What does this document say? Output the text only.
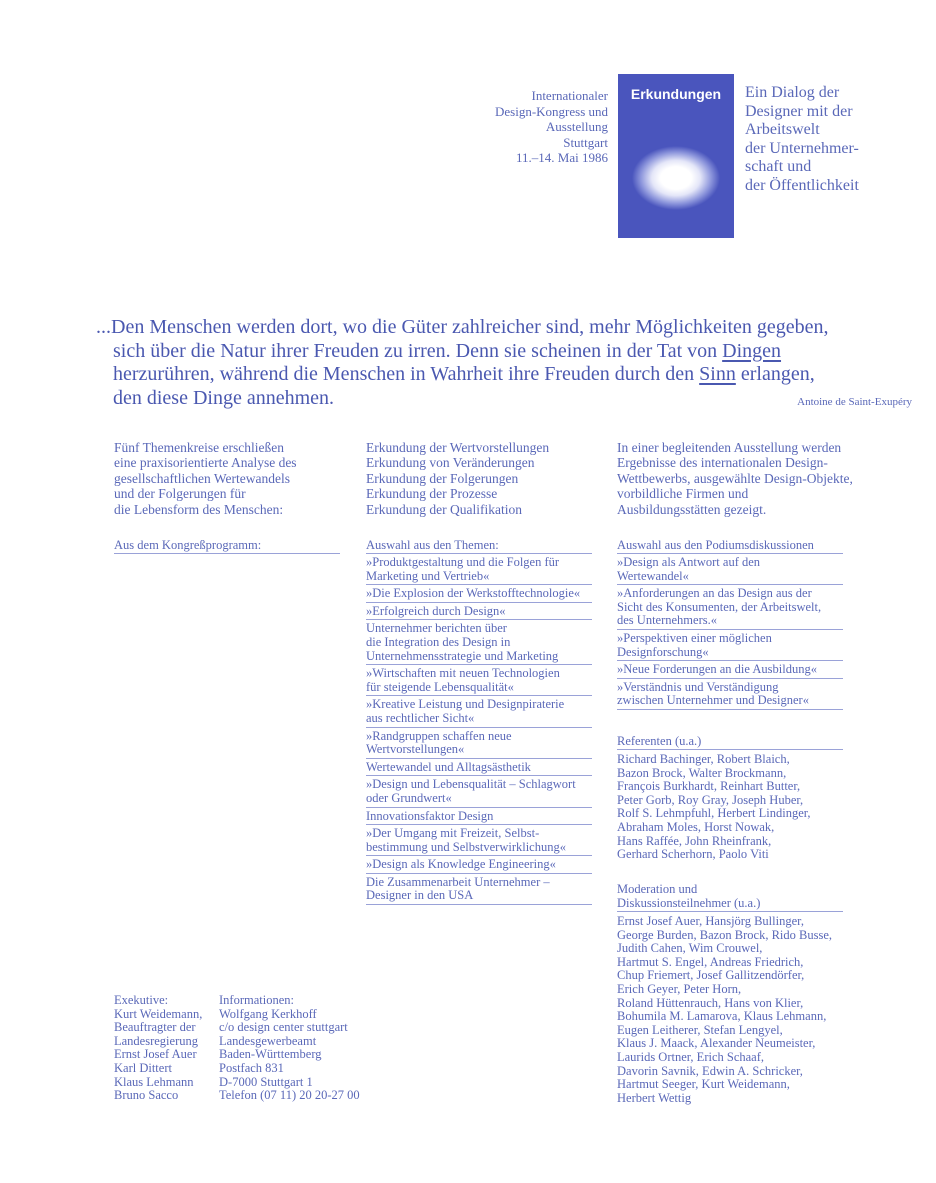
Internationaler
Design-Kongress und
Ausstellung
Stuttgart
11.–14. Mai 1986
Erkundungen	Ein Dialog der
Designer mit der
Arbeitswelt
der Unternehmer-
schaft und
der Öffentlichkeit
...Den Menschen werden dort, wo die Güter zahlreicher sind, mehr Möglichkeiten gegeben,
sich über die Natur ihrer Freuden zu irren. Denn sie scheinen in der Tat von Dingen
herzurühren, während die Menschen in Wahrheit ihre Freuden durch den Sinn erlangen,
den diese Dinge annehmen.	Antoine de Saint-Exupéry
Fünf Themenkreise erschließen
eine praxisorientierte Analyse des
gesellschaftlichen Wertewandels
und der Folgerungen für
die Lebensform des Menschen:
Erkundung der Wertvorstellungen
Erkundung von Veränderungen
Erkundung der Folgerungen
Erkundung der Prozesse
Erkundung der Qualifikation
In einer begleitenden Ausstellung werden
Ergebnisse des internationalen Design-
Wettbewerbs, ausgewählte Design-Objekte,
vorbildliche Firmen und
Ausbildungsstätten gezeigt.
Aus dem Kongreßprogramm:	Auswahl aus den Themen:
»Produktgestaltung und die Folgen für
Marketing und Vertrieb«
»Die Explosion der Werkstofftechnologie«
»Erfolgreich durch Design«
Unternehmer berichten über
die Integration des Design in
Unternehmensstrategie und Marketing
»Wirtschaften mit neuen Technologien
für steigende Lebensqualität«
»Kreative Leistung und Designpiraterie
aus rechtlicher Sicht«
»Randgruppen schaffen neue
Wertvorstellungen«
Wertewandel und Alltagsästhetik
»Design und Lebensqualität – Schlagwort
oder Grundwert«
Innovationsfaktor Design
»Der Umgang mit Freizeit, Selbst-
bestimmung und Selbstverwirklichung«
»Design als Knowledge Engineering«
Die Zusammenarbeit Unternehmer –
Designer in den USA
Auswahl aus den Podiumsdiskussionen
»Design als Antwort auf den
Wertewandel«
»Anforderungen an das Design aus der
Sicht des Konsumenten, der Arbeitswelt,
des Unternehmers.«
»Perspektiven einer möglichen
Designforschung«
»Neue Forderungen an die Ausbildung«
»Verständnis und Verständigung
zwischen Unternehmer und Designer«
Referenten (u.a.)
Richard Bachinger, Robert Blaich,
Bazon Brock, Walter Brockmann,
François Burkhardt, Reinhart Butter,
Peter Gorb, Roy Gray, Joseph Huber,
Rolf S. Lehmpfuhl, Herbert Lindinger,
Abraham Moles, Horst Nowak,
Hans Raffée, John Rheinfrank,
Gerhard Scherhorn, Paolo Viti
Moderation und
Diskussionsteilnehmer (u.a.)
Ernst Josef Auer, Hansjörg Bullinger,
George Burden, Bazon Brock, Rido Busse,
Judith Cahen, Wim Crouwel,
Hartmut S. Engel, Andreas Friedrich,
Chup Friemert, Josef Gallitzendörfer,
Erich Geyer, Peter Horn,
Roland Hüttenrauch, Hans von Klier,
Bohumila M. Lamarova, Klaus Lehmann,
Eugen Leitherer, Stefan Lengyel,
Klaus J. Maack, Alexander Neumeister,
Laurids Ortner, Erich Schaaf,
Davorin Savnik, Edwin A. Schricker,
Hartmut Seeger, Kurt Weidemann,
Herbert Wettig
Exekutive:
Kurt Weidemann,
Beauftragter der
Landesregierung
Ernst Josef Auer
Karl Dittert
Klaus Lehmann
Bruno Sacco
Informationen:
Wolfgang Kerkhoff
c/o design center stuttgart
Landesgewerbeamt
Baden-Württemberg
Postfach 831
D-7000 Stuttgart 1
Telefon (07 11) 20 20-27 00
